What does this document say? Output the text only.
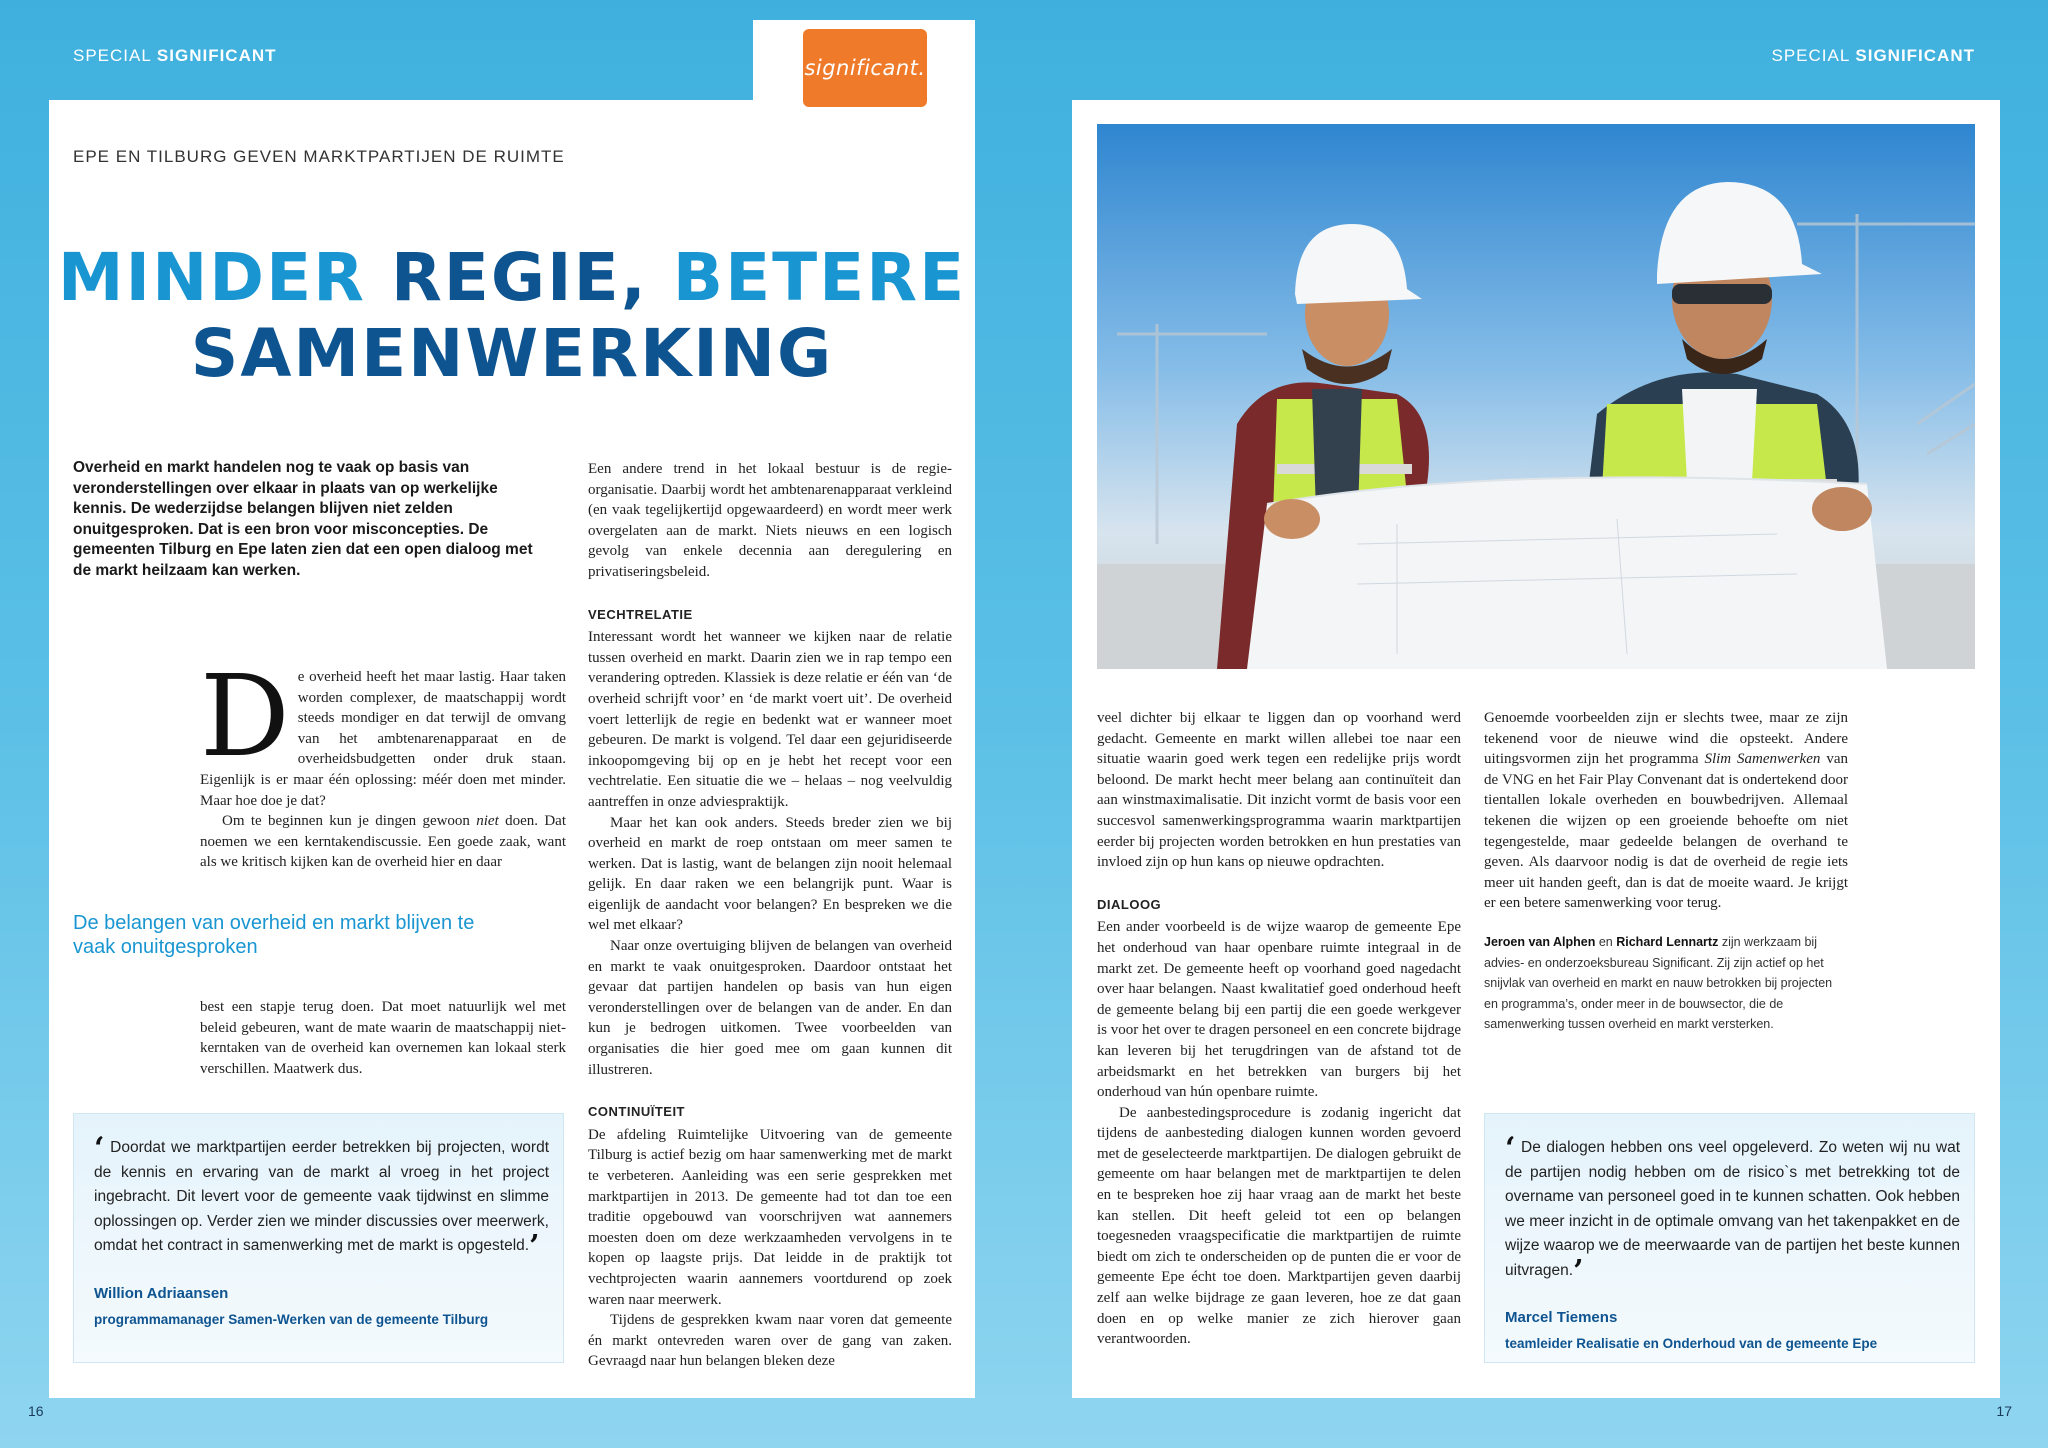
SPECIAL SIGNIFICANT	SPECIAL SIGNIFICANT
significant.
EPE EN TILBURG GEVEN MARKTPARTIJEN DE RUIMTE
MINDER REGIE, BETERE
SAMENWERKING
Overheid en markt handelen nog te vaak op basis van veronderstellingen over elkaar in plaats van op werkelijke kennis. De wederzijdse belangen blijven niet zelden onuitgesproken. Dat is een bron voor misconcepties. De gemeenten Tilburg en Epe laten zien dat een open dialoog met de markt heilzaam kan werken.

De overheid heeft het maar lastig. Haar taken worden complexer, de maatschappij wordt steeds mondiger en dat terwijl de omvang van het ambtenarenapparaat en de overheidsbudgetten onder druk staan. Eigenlijk is er maar één oplossing: méér doen met minder. Maar hoe doe je dat?

Om te beginnen kun je dingen gewoon niet doen. Dat noemen we een kerntakendiscussie. Een goede zaak, want als we kritisch kijken kan de overheid hier en daar

De belangen van overheid en markt blijven te vaak onuitgesproken

best een stapje terug doen. Dat moet natuurlijk wel met beleid gebeuren, want de mate waarin de maatschappij niet-kerntaken van de overheid kan overnemen kan lokaal sterk verschillen. Maatwerk dus.

Een andere trend in het lokaal bestuur is de regie-organisatie. Daarbij wordt het ambtenarenapparaat verkleind (en vaak tegelijkertijd opgewaardeerd) en wordt meer werk overgelaten aan de markt. Niets nieuws en een logisch gevolg van enkele decennia aan deregulering en privatiseringsbeleid.

VECHTRELATIE

Interessant wordt het wanneer we kijken naar de relatie tussen overheid en markt. Daarin zien we in rap tempo een verandering optreden. Klassiek is deze relatie er één van ‘de overheid schrijft voor’ en ‘de markt voert uit’. De overheid voert letterlijk de regie en bedenkt wat er wanneer moet gebeuren. De markt is volgend. Tel daar een gejuridiseerde inkoopomgeving bij op en je hebt het recept voor een vechtrelatie. Een situatie die we – helaas – nog veelvuldig aantreffen in onze adviespraktijk.

Maar het kan ook anders. Steeds breder zien we bij overheid en markt de roep ontstaan om meer samen te werken. Dat is lastig, want de belangen zijn nooit helemaal gelijk. En daar raken we een belangrijk punt. Waar is eigenlijk de aandacht voor belangen? En bespreken we die wel met elkaar?

Naar onze overtuiging blijven de belangen van overheid en markt te vaak onuitgesproken. Daardoor ontstaat het gevaar dat partijen handelen op basis van hun eigen veronderstellingen over de belangen van de ander. En dan kun je bedrogen uitkomen. Twee voorbeelden van organisaties die hier goed mee om gaan kunnen dit illustreren.

CONTINUÏTEIT

De afdeling Ruimtelijke Uitvoering van de gemeente Tilburg is actief bezig om haar samenwerking met de markt te verbeteren. Aanleiding was een serie gesprekken met marktpartijen in 2013. De gemeente had tot dan toe een traditie opgebouwd van voorschrijven wat aannemers moesten doen om deze werkzaamheden vervolgens in te kopen op laagste prijs. Dat leidde in de praktijk tot vechtprojecten waarin aannemers voortdurend op zoek waren naar meerwerk.

Tijdens de gesprekken kwam naar voren dat gemeente én markt ontevreden waren over de gang van zaken. Gevraagd naar hun belangen bleken deze

‘ Doordat we marktpartijen eerder betrekken bij projecten, wordt de kennis en ervaring van de markt al vroeg in het project ingebracht. Dit levert voor de gemeente vaak tijdwinst en slimme oplossingen op. Verder zien we minder discussies over meerwerk, omdat het contract in samenwerking met de markt is opgesteld.’
Willion Adriaansen
programmamanager Samen-Werken van de gemeente Tilburg

veel dichter bij elkaar te liggen dan op voorhand werd gedacht. Gemeente en markt willen allebei toe naar een situatie waarin goed werk tegen een redelijke prijs wordt beloond. De markt hecht meer belang aan continuïteit dan aan winstmaximalisatie. Dit inzicht vormt de basis voor een succesvol samenwerkingsprogramma waarin marktpartijen eerder bij projecten worden betrokken en hun prestaties van invloed zijn op hun kans op nieuwe opdrachten.

DIALOOG

Een ander voorbeeld is de wijze waarop de gemeente Epe het onderhoud van haar openbare ruimte integraal in de markt zet. De gemeente heeft op voorhand goed nagedacht over haar belangen. Naast kwalitatief goed onderhoud heeft de gemeente belang bij een partij die een goede werkgever is voor het over te dragen personeel en een concrete bijdrage kan leveren bij het terugdringen van de afstand tot de arbeidsmarkt en het betrekken van burgers bij het onderhoud van hún openbare ruimte.

De aanbestedingsprocedure is zodanig ingericht dat tijdens de aanbesteding dialogen kunnen worden gevoerd met de geselecteerde marktpartijen. De dialogen gebruikt de gemeente om haar belangen met de marktpartijen te delen en te bespreken hoe zij haar vraag aan de markt het beste kan stellen. Dit heeft geleid tot een op belangen toegesneden vraagspecificatie die marktpartijen de ruimte biedt om zich te onderscheiden op de punten die er voor de gemeente Epe écht toe doen. Marktpartijen geven daarbij zelf aan welke bijdrage ze gaan leveren, hoe ze dat gaan doen en op welke manier ze zich hierover gaan verantwoorden.

Genoemde voorbeelden zijn er slechts twee, maar ze zijn tekenend voor de nieuwe wind die opsteekt. Andere uitingsvormen zijn het programma Slim Samenwerken van de VNG en het Fair Play Convenant dat is ondertekend door tientallen lokale overheden en bouwbedrijven. Allemaal tekenen die wijzen op een groeiende behoefte om niet tegengestelde, maar gedeelde belangen de overhand te geven. Als daarvoor nodig is dat de overheid de regie iets meer uit handen geeft, dan is dat de moeite waard. Je krijgt er een betere samenwerking voor terug.

Jeroen van Alphen en Richard Lennartz zijn werkzaam bij advies- en onderzoeksbureau Significant. Zij zijn actief op het snijvlak van overheid en markt en nauw betrokken bij projecten en programma’s, onder meer in de bouwsector, die de samenwerking tussen overheid en markt versterken.

‘ De dialogen hebben ons veel opgeleverd. Zo weten wij nu wat de partijen nodig hebben om de risico`s met betrekking tot de overname van personeel goed in te kunnen schatten. Ook hebben we meer inzicht in de optimale omvang van het takenpakket en de wijze waarop we de meerwaarde van de partijen het beste kunnen uitvragen.’
Marcel Tiemens
teamleider Realisatie en Onderhoud van de gemeente Epe
16	17
